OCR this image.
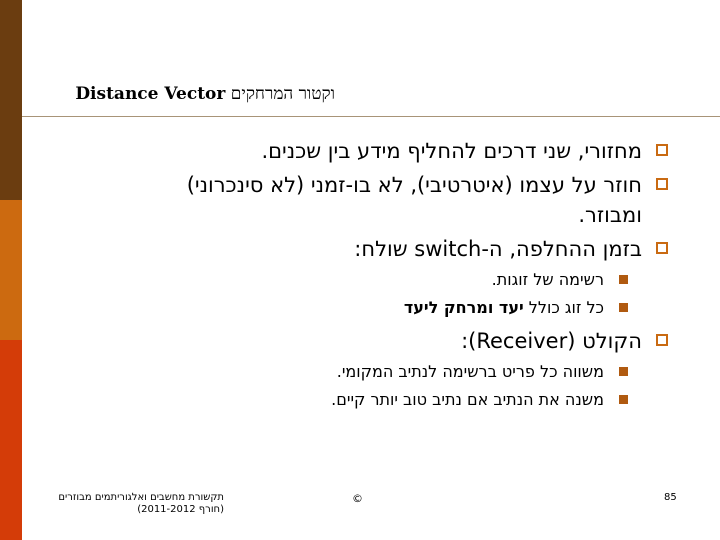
וקטור המרחקים Distance Vector
מחזורי, שני דרכים להחליף מידע בין שכנים.
חוזר על עצמו (איטרטיבי), לא בו-זמני (לא סינכרוני)
ומבוזר.
בזמן ההחלפה, ה-switch שולח:
רשימה של זוגות.
כל זוג כולל יעד ומרחק ליעד
הקולט (Receiver):
משווה כל פריט ברשימה לנתיב המקומי.
משנה את הנתיב אם נתיב טוב יותר קיים.
תקשורת מחשבים ואלגוריתמים מבוזרים
(חורף 2011-2012)
©	85
